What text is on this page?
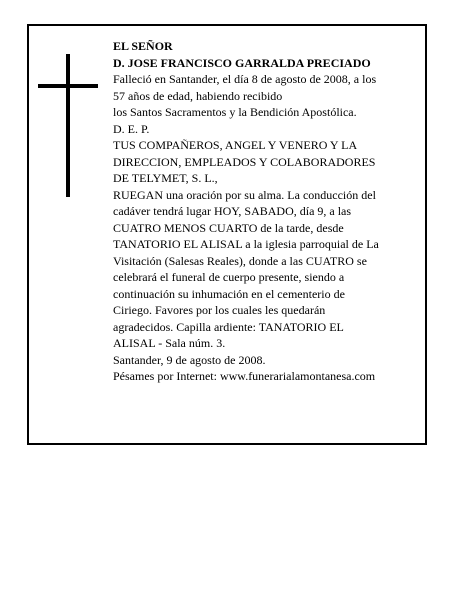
EL SEÑOR
D. JOSE FRANCISCO GARRALDA PRECIADO
Falleció en Santander, el día 8 de agosto de 2008, a los
57 años de edad, habiendo recibido
los Santos Sacramentos y la Bendición Apostólica.
D. E. P.
TUS COMPAÑEROS, ANGEL Y VENERO Y LA
DIRECCION, EMPLEADOS Y COLABORADORES
DE TELYMET, S. L.,
RUEGAN una oración por su alma. La conducción del
cadáver tendrá lugar HOY, SABADO, día 9, a las
CUATRO MENOS CUARTO de la tarde, desde
TANATORIO EL ALISAL a la iglesia parroquial de La
Visitación (Salesas Reales), donde a las CUATRO se
celebrará el funeral de cuerpo presente, siendo a
continuación su inhumación en el cementerio de
Ciriego. Favores por los cuales les quedarán
agradecidos. Capilla ardiente: TANATORIO EL
ALISAL - Sala núm. 3.
Santander, 9 de agosto de 2008.
Pésames por Internet: www.funerarialamontanesa.com
